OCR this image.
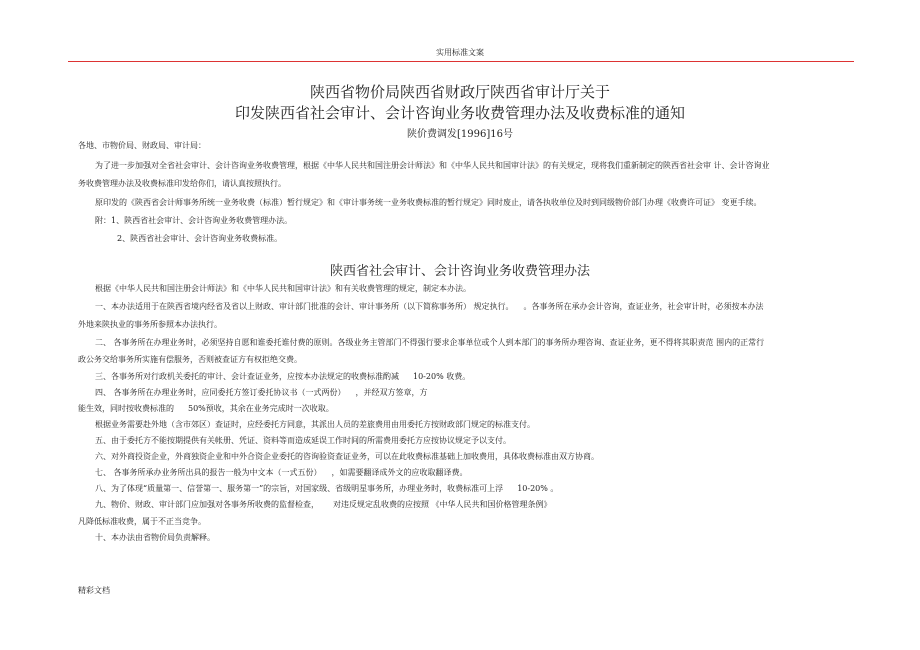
实用标准文案
陕西省物价局陕西省财政厅陕西省审计厅关于
印发陕西省社会审计、会计咨询业务收费管理办法及收费标准的通知
陕价费调发[1996]16号
各地、市物价局、财政局、审计局：
为了进一步加强对全省社会审计、会计咨询业务收费管理，根据《中华人民共和国注册会计师法》和《中华人民共和国审计法》的有关规定，现将我们重新制定的陕西省社会审 计、会计咨询业
务收费管理办法及收费标准印发给你们，请认真按照执行。
原印发的《陕西省会计师事务所统一业务收费（标准）暂行规定》和《审计事务统一业务收费标准的暂行规定》同时废止，请各执收单位及时到同级物价部门办理《收费许可证》 变更手续。
附：1、陕西省社会审计、会计咨询业务收费管理办法。
2、陕西省社会审计、会计咨询业务收费标准。
陕西省社会审计、会计咨询业务收费管理办法
根据《中华人民共和国注册会计师法》和《中华人民共和国审计法》和有关收费管理的规定，制定本办法。
一、本办法适用于在陕西省境内经省及省以上财政、审计部门批准的会计、审计事务所（以下简称事务所） 规定执行。 。各事务所在承办会计咨询，查证业务，社会审计时，必须按本办法
外地来陕执业的事务所参照本办法执行。
二、 各事务所在办理业务时，必须坚持自愿和谁委托谁付费的原则。各级业务主管部门不得强行要求企事单位或个人到本部门的事务所办理咨询、查证业务，更不得将其职责范 围内的正常行
政公务交给事务所实施有偿服务，否则被查证方有权拒绝交费。
三、各事务所对行政机关委托的审计、会计查证业务，应按本办法规定的收费标准酌减 10-20% 收费。
四、 各事务所在办理业务时，应同委托方签订委托协议书（一式两份） ，并经双方签章，方
能生效，同时按收费标准的 50%预收，其余在业务完成时一次收取。
根据业务需要赴外地（含市郊区）查证时，应经委托方同意，其派出人员的差旅费用由用委托方按财政部门规定的标准支付。
五、由于委托方不能按期提供有关帐册、凭证、资料等而造成延误工作时间的所需费用委托方应按协议规定予以支付。
六、对外商投资企业，外商独资企业和中外合资企业委托的咨询验资查证业务，可以在此收费标准基础上加收费用，具体收费标准由双方协商。
七、 各事务所承办业务所出具的报告一般为中文本（一式五份） ，如需要翻译成外文的应收取翻译费。
八、为了体现“质量第一、信誉第一、服务第一”的宗旨，对国家级、省级明星事务所，办理业务时，收费标准可上浮 10-20% 。
九、物价、财政、审计部门应加强对各事务所收费的监督检查， 对违反规定乱收费的应按照 《中华人民共和国价格管理条例》
凡降低标准收费，属于不正当竞争。
十、本办法由省物价局负责解释。
精彩文档
